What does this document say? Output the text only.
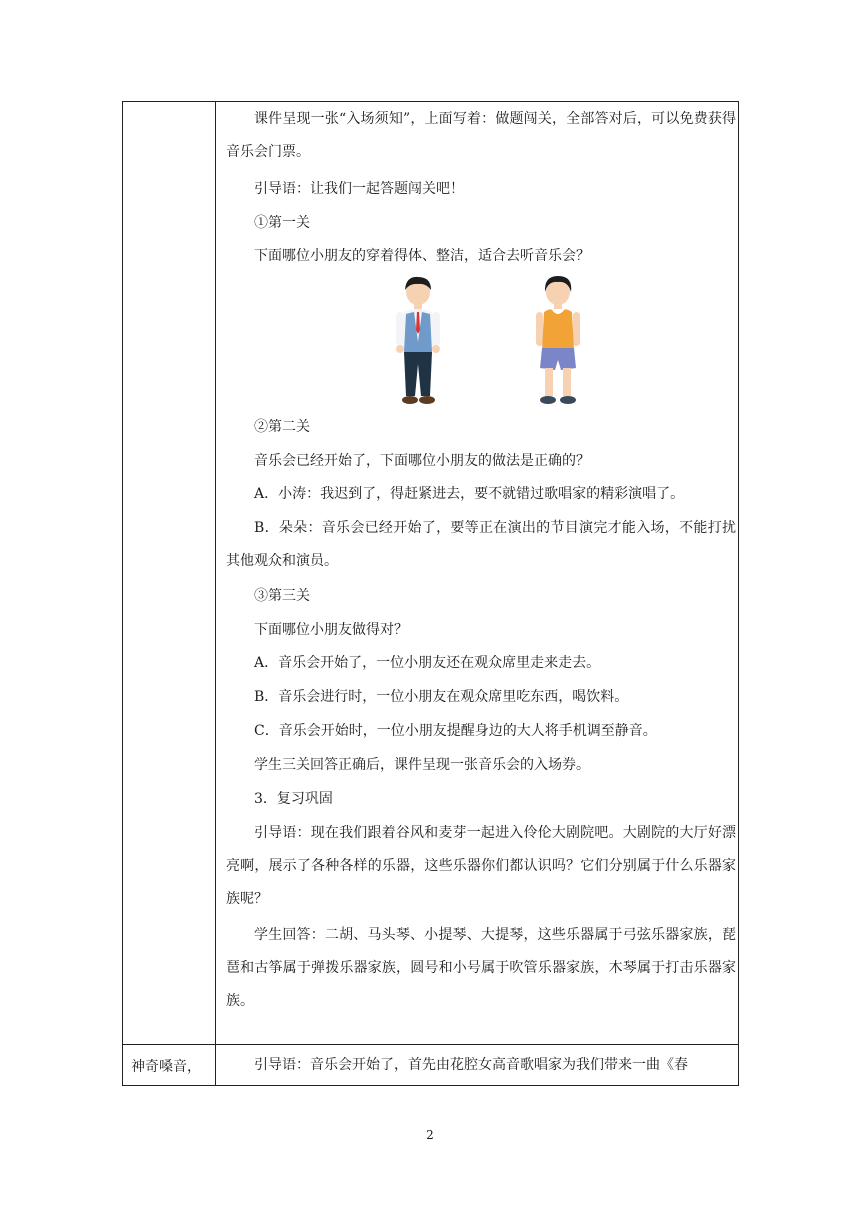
课件呈现一张“入场须知”，上面写着：做题闯关，全部答对后，可以免费获得音乐会门票。

引导语：让我们一起答题闯关吧！

①第一关

下面哪位小朋友的穿着得体、整洁，适合去听音乐会？

②第二关

音乐会已经开始了，下面哪位小朋友的做法是正确的？

A．小涛：我迟到了，得赶紧进去，要不就错过歌唱家的精彩演唱了。

B．朵朵：音乐会已经开始了，要等正在演出的节目演完才能入场，不能打扰其他观众和演员。

③第三关

下面哪位小朋友做得对？

A．音乐会开始了，一位小朋友还在观众席里走来走去。

B．音乐会进行时，一位小朋友在观众席里吃东西，喝饮料。

C．音乐会开始时，一位小朋友提醒身边的大人将手机调至静音。

学生三关回答正确后，课件呈现一张音乐会的入场券。

3．复习巩固

引导语：现在我们跟着谷风和麦芽一起进入伶伦大剧院吧。大剧院的大厅好漂亮啊，展示了各种各样的乐器，这些乐器你们都认识吗？它们分别属于什么乐器家族呢？

学生回答：二胡、马头琴、小提琴、大提琴，这些乐器属于弓弦乐器家族，琵琶和古筝属于弹拨乐器家族，圆号和小号属于吹管乐器家族，木琴属于打击乐器家族。

神奇嗓音，	引导语：音乐会开始了，首先由花腔女高音歌唱家为我们带来一曲《春

2
